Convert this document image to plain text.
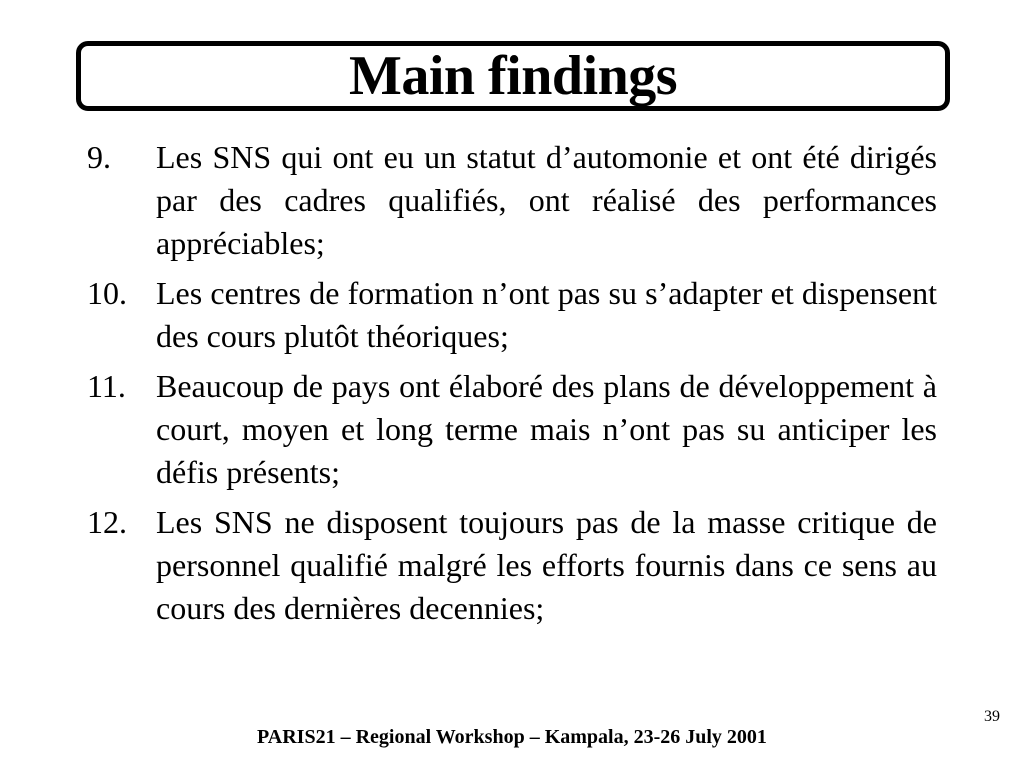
Main findings
9. Les SNS qui ont eu un statut d’automonie et ont été dirigés par des cadres qualifiés, ont réalisé des performances appréciables;
10. Les centres de formation n’ont pas su s’adapter et dispensent des cours plutôt théoriques;
11. Beaucoup de pays ont élaboré des plans de développement à court, moyen et long terme mais n’ont pas su anticiper les défis présents;
12. Les SNS ne disposent toujours pas de la masse critique de personnel qualifié malgré les efforts fournis dans ce sens au cours des dernières decennies;
39
PARIS21 – Regional Workshop – Kampala, 23-26 July 2001
